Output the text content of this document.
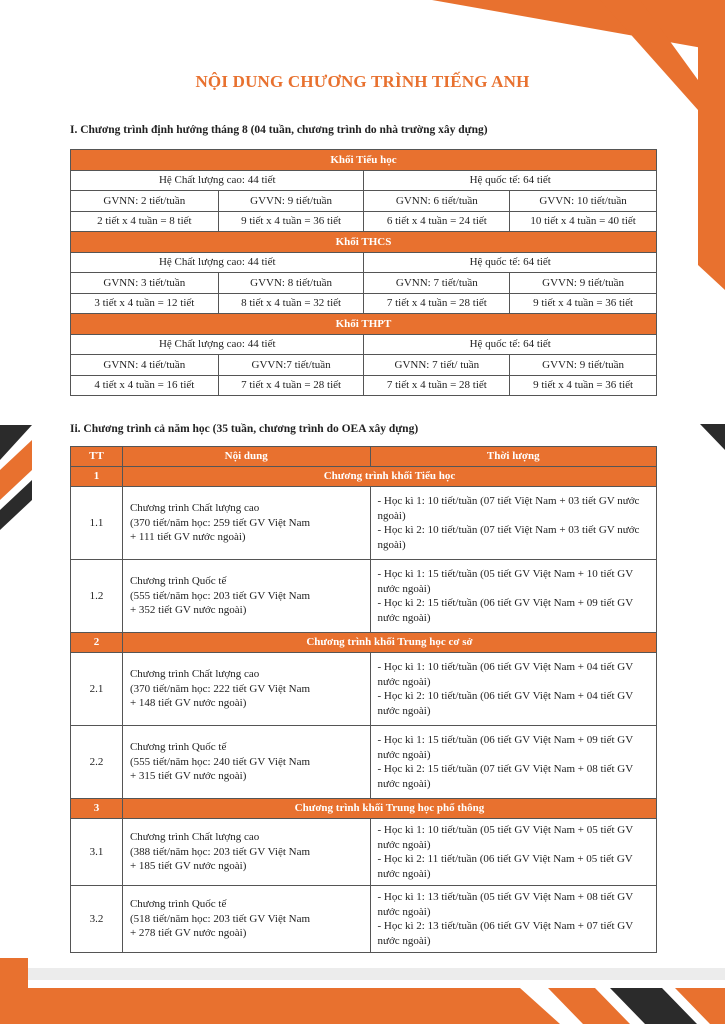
NỘI DUNG CHƯƠNG TRÌNH TIẾNG ANH
I. Chương trình định hướng tháng 8 (04 tuần, chương trình do nhà trường xây dựng)
Khối Tiểu học			
Hệ Chất lượng cao: 44 tiết		Hệ quốc tế: 64 tiết	
GVNN: 2 tiết/tuần	GVVN: 9 tiết/tuần	GVNN: 6 tiết/tuần	GVVN: 10 tiết/tuần
2 tiết x 4 tuần = 8 tiết	9 tiết x 4 tuần = 36 tiết	6 tiết x 4 tuần = 24 tiết	10 tiết x 4 tuần = 40 tiết
Khối THCS			
Hệ Chất lượng cao: 44 tiết		Hệ quốc tế: 64 tiết	
GVNN: 3 tiết/tuần	GVVN: 8 tiết/tuần	GVNN: 7 tiết/tuần	GVVN: 9 tiết/tuần
3 tiết x 4 tuần = 12 tiết	8 tiết x 4 tuần = 32 tiết	7 tiết x 4 tuần = 28 tiết	9 tiết x 4 tuần = 36 tiết
Khối THPT			
Hệ Chất lượng cao: 44 tiết		Hệ quốc tế: 64 tiết	
GVNN: 4 tiết/tuần	GVVN:7 tiết/tuần	GVNN: 7 tiết/ tuần	GVVN: 9 tiết/tuần
4 tiết x 4 tuần = 16 tiết	7 tiết x 4 tuần = 28 tiết	7 tiết x 4 tuần = 28 tiết	9 tiết x 4 tuần = 36 tiết
Ii. Chương trình cả năm học (35 tuần, chương trình do OEA xây dựng)
TT	Nội dung	Thời lượng
1	Chương trình khối Tiểu học	
1.1	Chương trình Chất lượng cao
(370 tiết/năm học: 259 tiết GV Việt Nam
+ 111 tiết GV nước ngoài)	- Học kì 1: 10 tiết/tuần (07 tiết Việt Nam + 03 tiết GV nước ngoài)
- Học kì 2: 10 tiết/tuần (07 tiết Việt Nam + 03 tiết GV nước ngoài)

1.2	Chương trình Quốc tế
(555 tiết/năm học: 203 tiết GV Việt Nam
+ 352 tiết GV nước ngoài)	- Học kì 1: 15 tiết/tuần (05 tiết GV Việt Nam + 10 tiết GV nước ngoài)
- Học kì 2: 15 tiết/tuần (06 tiết GV Việt Nam + 09 tiết GV nước ngoài)

2	Chương trình khối Trung học cơ sở	
2.1	Chương trình Chất lượng cao
(370 tiết/năm học: 222 tiết GV Việt Nam
+ 148 tiết GV nước ngoài)	- Học kì 1: 10 tiết/tuần (06 tiết GV Việt Nam + 04 tiết GV nước ngoài)
- Học kì 2: 10 tiết/tuần (06 tiết GV Việt Nam + 04 tiết GV nước ngoài)

2.2	Chương trình Quốc tế
(555 tiết/năm học: 240 tiết GV Việt Nam
+ 315 tiết GV nước ngoài)	- Học kì 1: 15 tiết/tuần (06 tiết GV Việt Nam + 09 tiết GV nước ngoài)
- Học kì 2: 15 tiết/tuần (07 tiết GV Việt Nam + 08 tiết GV nước ngoài)

3	Chương trình khối Trung học phổ thông	
3.1	Chương trình Chất lượng cao
(388 tiết/năm học: 203 tiết GV Việt Nam
+ 185 tiết GV nước ngoài)	- Học kì 1: 10 tiết/tuần (05 tiết GV Việt Nam + 05 tiết GV nước ngoài)
- Học kì 2: 11 tiết/tuần (06 tiết GV Việt Nam + 05 tiết GV nước ngoài)

3.2	Chương trình Quốc tế
(518 tiết/năm học: 203 tiết GV Việt Nam
+ 278 tiết GV nước ngoài)	- Học kì 1: 13 tiết/tuần (05 tiết GV Việt Nam + 08 tiết GV nước ngoài)
- Học kì 2: 13 tiết/tuần (06 tiết GV Việt Nam + 07 tiết GV nước ngoài)
